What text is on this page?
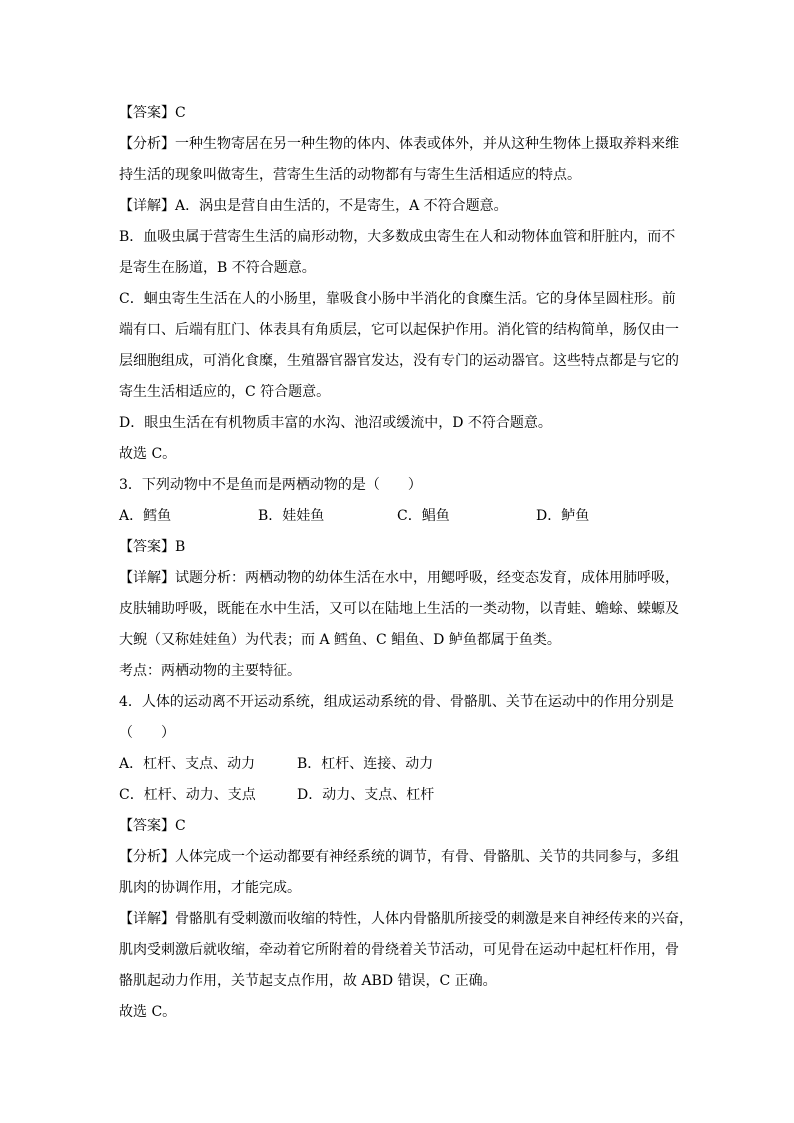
【答案】C
【分析】一种生物寄居在另一种生物的体内、体表或体外，并从这种生物体上摄取养料来维
持生活的现象叫做寄生，营寄生生活的动物都有与寄生生活相适应的特点。
【详解】A．涡虫是营自由生活的，不是寄生，A 不符合题意。
B．血吸虫属于营寄生生活的扁形动物，大多数成虫寄生在人和动物体血管和肝脏内，而不
是寄生在肠道，B 不符合题意。
C．蛔虫寄生生活在人的小肠里，靠吸食小肠中半消化的食糜生活。它的身体呈圆柱形。前
端有口、后端有肛门、体表具有角质层，它可以起保护作用。消化管的结构简单，肠仅由一
层细胞组成，可消化食糜，生殖器官器官发达，没有专门的运动器官。这些特点都是与它的
寄生生活相适应的，C 符合题意。
D．眼虫生活在有机物质丰富的水沟、池沼或缓流中，D 不符合题意。
故选 C。
3．下列动物中不是鱼而是两栖动物的是（　　）
【答案】B
【详解】试题分析：两栖动物的幼体生活在水中，用鳃呼吸，经变态发育，成体用肺呼吸，
皮肤辅助呼吸，既能在水中生活，又可以在陆地上生活的一类动物，以青蛙、蟾蜍、蝾螈及
大鲵（又称娃娃鱼）为代表；而 A 鳕鱼、C 鲳鱼、D 鲈鱼都属于鱼类。
考点：两栖动物的主要特征。
4．人体的运动离不开运动系统，组成运动系统的骨、骨骼肌、关节在运动中的作用分别是
（　　）
【答案】C
【分析】人体完成一个运动都要有神经系统的调节，有骨、骨骼肌、关节的共同参与，多组
肌肉的协调作用，才能完成。
【详解】骨骼肌有受刺激而收缩的特性，人体内骨骼肌所接受的刺激是来自神经传来的兴奋，
肌肉受刺激后就收缩，牵动着它所附着的骨绕着关节活动，可见骨在运动中起杠杆作用，骨
骼肌起动力作用，关节起支点作用，故 ABD 错误，C 正确。
故选 C。
A．鳕鱼	B．娃娃鱼	C．鲳鱼	D．鲈鱼
A．杠杆、支点、动力	B．杠杆、连接、动力
C．杠杆、动力、支点	D．动力、支点、杠杆
